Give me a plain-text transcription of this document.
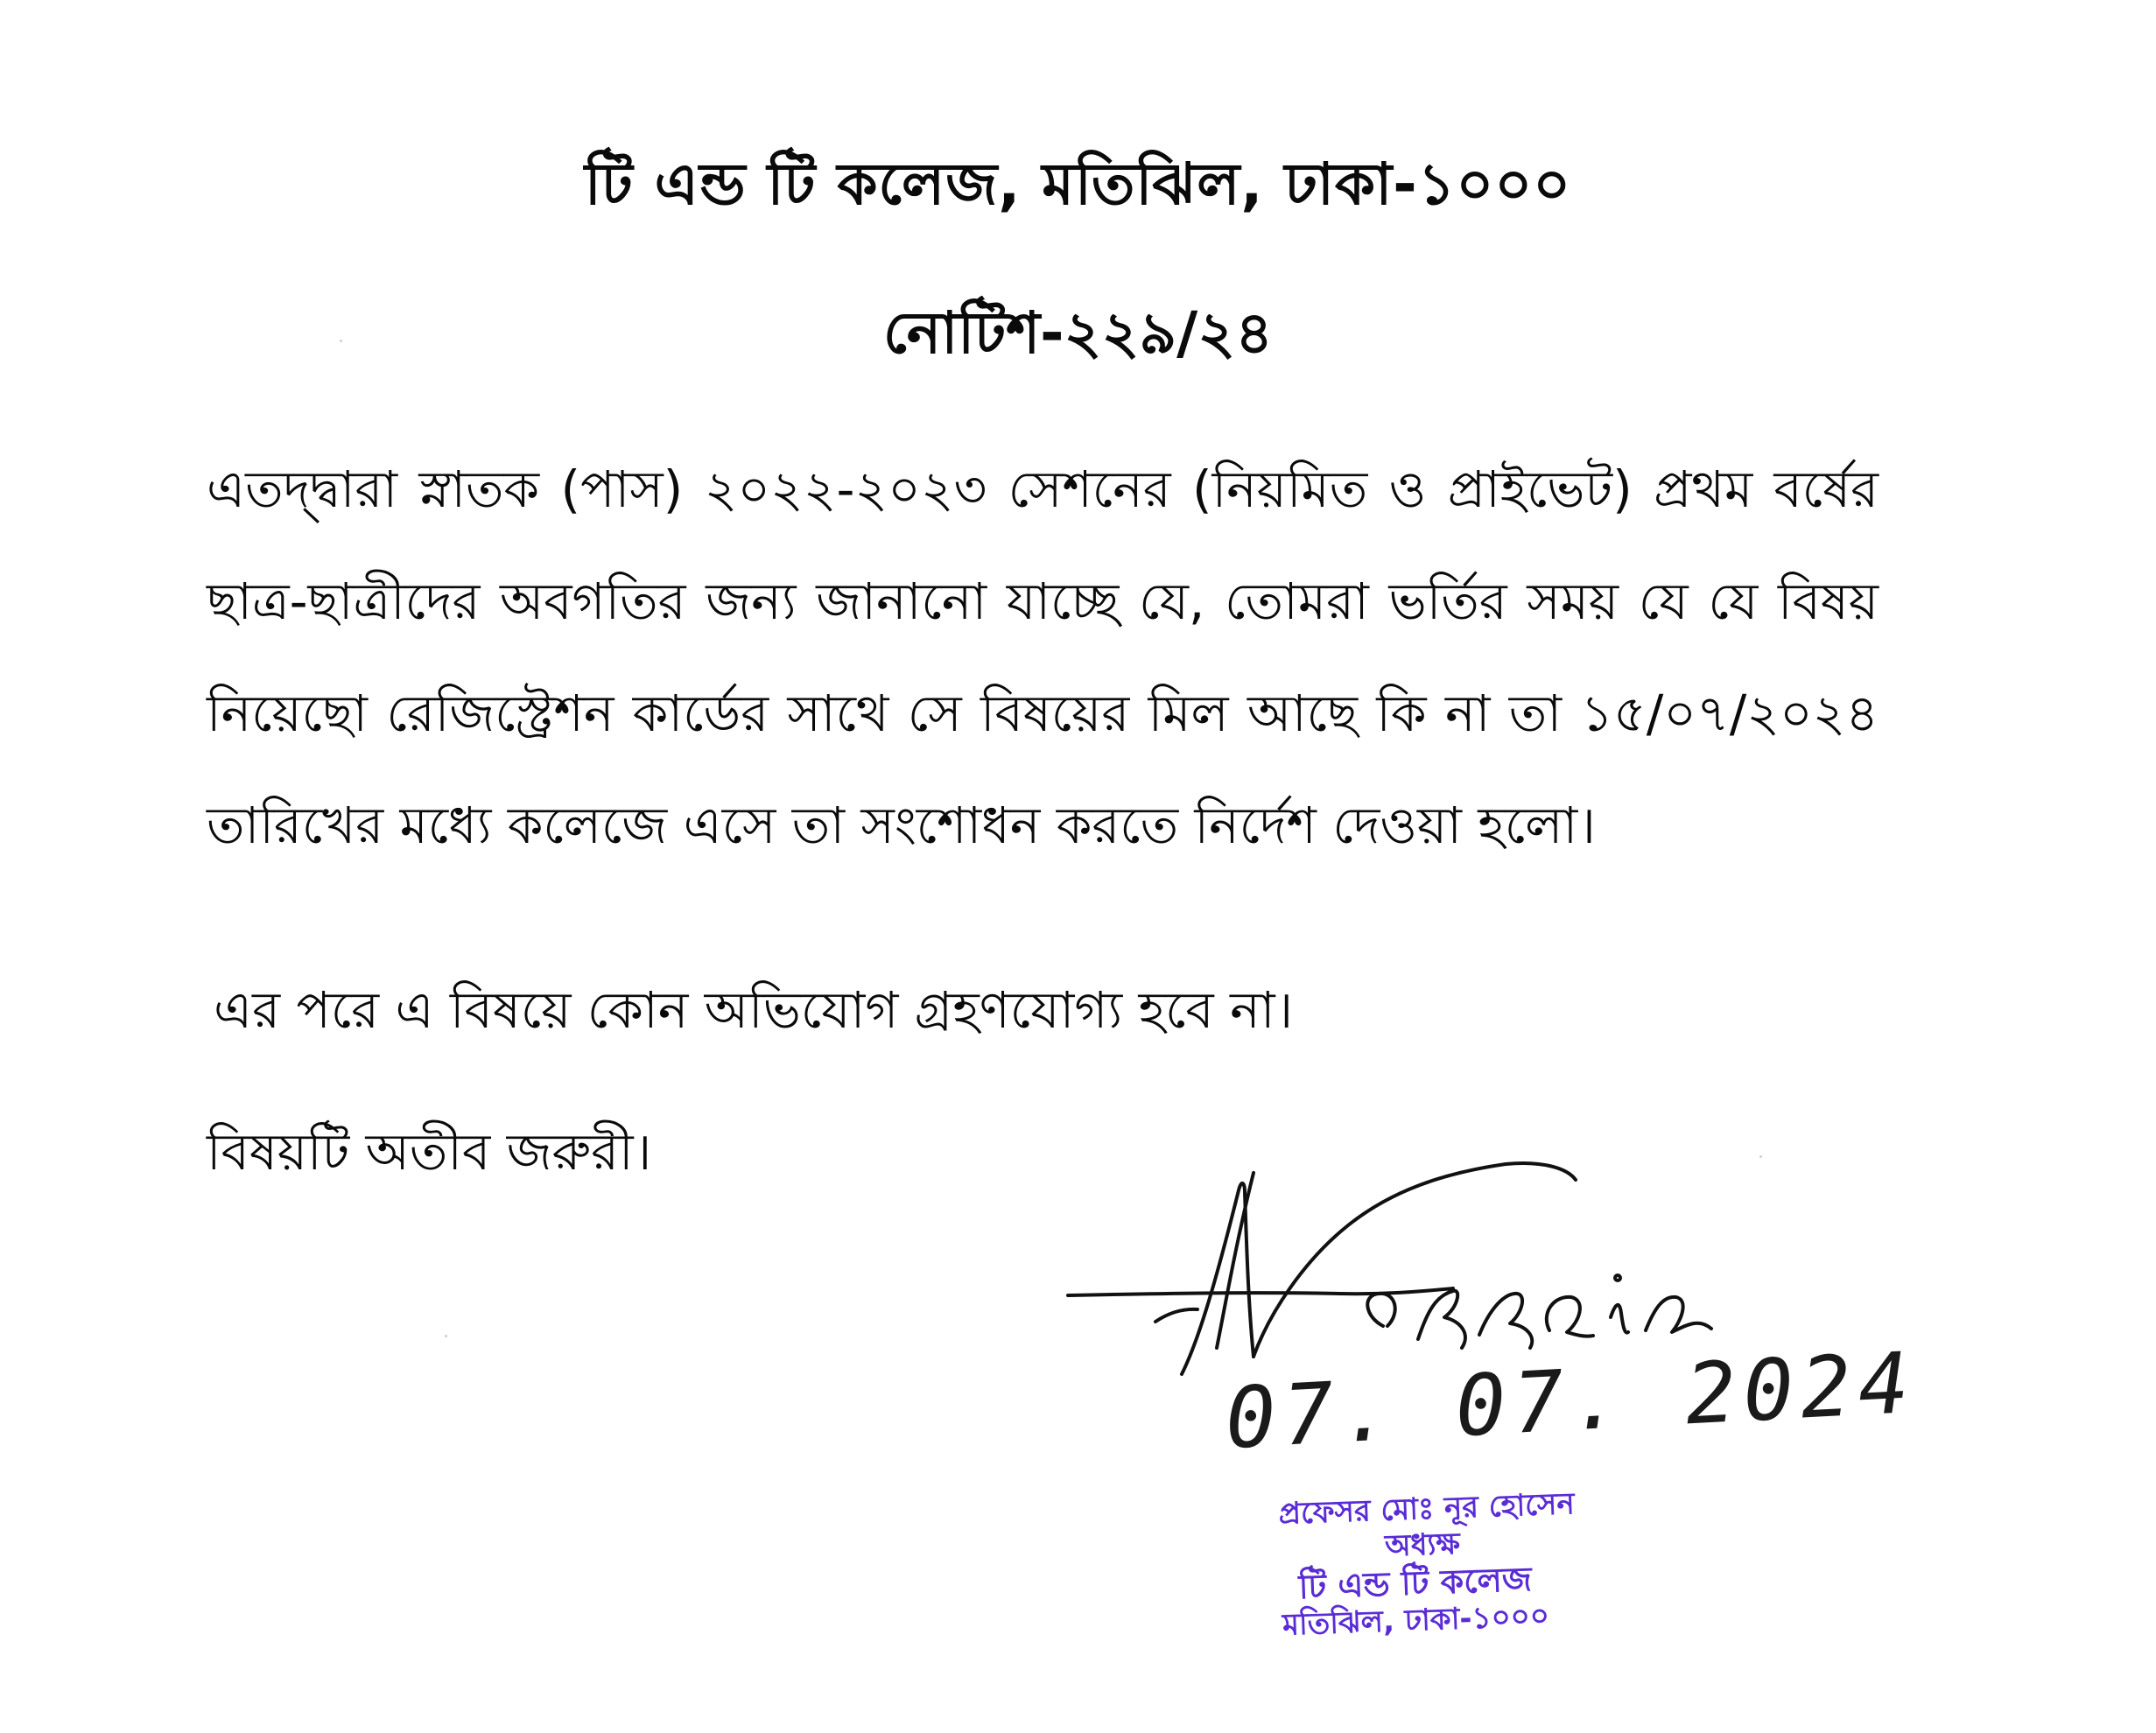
টি এন্ড টি কলেজ, মতিঝিল, ঢাকা-১০০০
নোটিশ-২২৯/২৪

এতদ্দ্বারা স্নাতক (পাস) ২০২২-২০২৩ সেশনের (নিয়মিত ও প্রাইভেট) প্রথম বর্ষের ছাত্র-ছাত্রীদের অবগতির জন্য জানানো যাচ্ছে যে, তোমরা ভর্তির সময় যে যে বিষয় নিয়েছো রেজিস্ট্রেশন কার্ডের সাথে সে বিষয়ের মিল আছে কি না তা ১৫/০৭/২০২৪ তারিখের মধ্যে কলেজে এসে তা সংশোধন করতে নির্দেশ দেওয়া হলো।

এর পরে এ বিষয়ে কোন অভিযোগ গ্রহণযোগ্য হবে না।

বিষয়টি অতীব জরুরী।

07. 07. 2024
প্রফেসর মোঃ নূর হোসেন
অধ্যক্ষ
টি এন্ড টি কলেজ
মতিঝিল, ঢাকা-১০০০
